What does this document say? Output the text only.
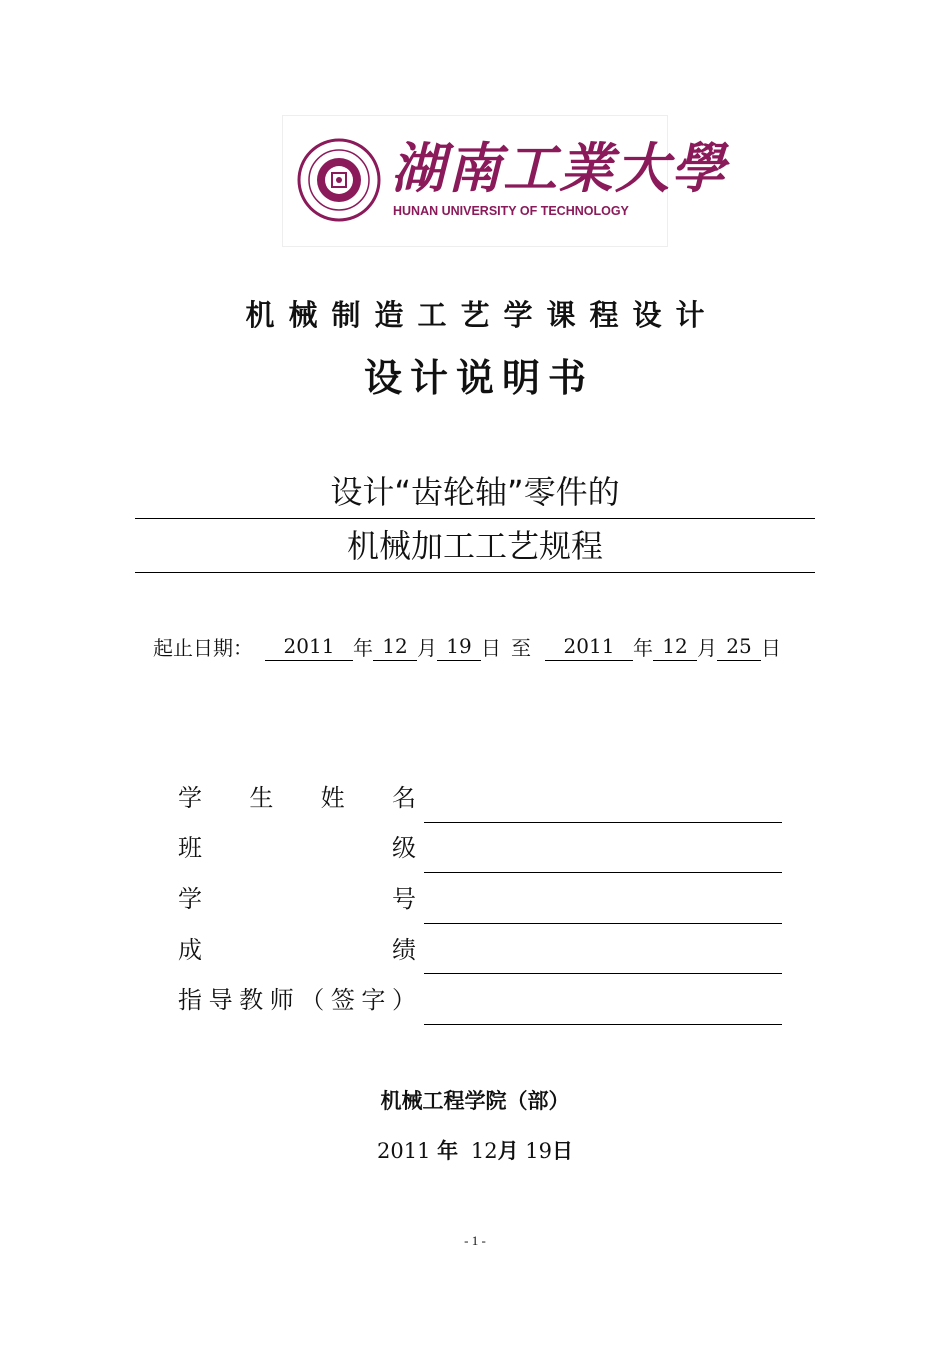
湖南工業大學
HUNAN UNIVERSITY OF TECHNOLOGY
机械制造工艺学课程设计
设计说明书
设计“齿轮轴”零件的
机械加工工艺规程
起止日期：	2011 年 12 月 19 日 至	2011 年 12 月 25 日
学 生 姓 名
班	级
学	号
成	绩
指 导 教 师 （ 签 字 ）
机械工程学院（部）
2011 年 12月 19日
- 1 -
